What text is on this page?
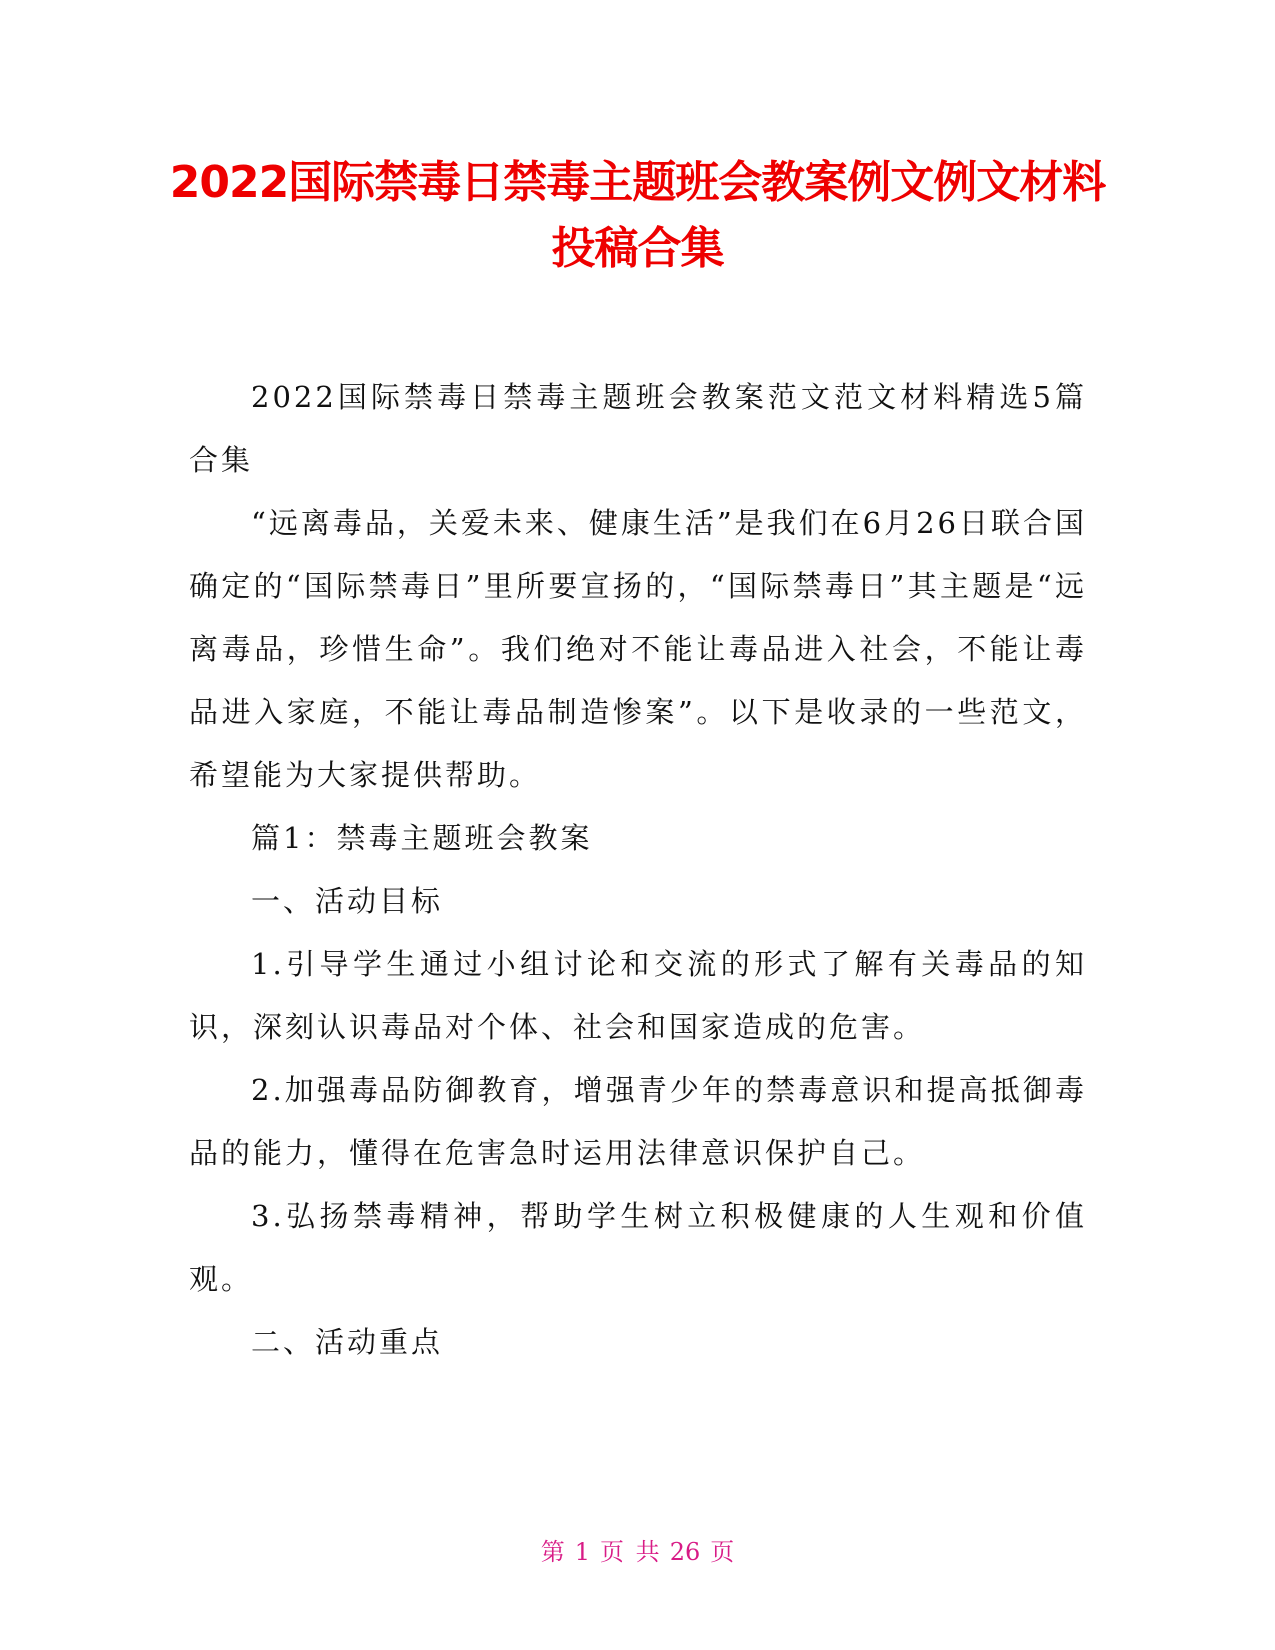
2022国际禁毒日禁毒主题班会教案例文例文材料投稿合集

2022国际禁毒日禁毒主题班会教案范文范文材料精选5篇合集

“远离毒品，关爱未来、健康生活”是我们在6月26日联合国确定的“国际禁毒日”里所要宣扬的，“国际禁毒日”其主题是“远离毒品，珍惜生命”。我们绝对不能让毒品进入社会，不能让毒品进入家庭，不能让毒品制造惨案”。以下是收录的一些范文，希望能为大家提供帮助。

篇1：禁毒主题班会教案

一、活动目标

1.引导学生通过小组讨论和交流的形式了解有关毒品的知识，深刻认识毒品对个体、社会和国家造成的危害。

2.加强毒品防御教育，增强青少年的禁毒意识和提高抵御毒品的能力，懂得在危害急时运用法律意识保护自己。

3.弘扬禁毒精神，帮助学生树立积极健康的人生观和价值观。

二、活动重点

第 1 页 共 26 页
